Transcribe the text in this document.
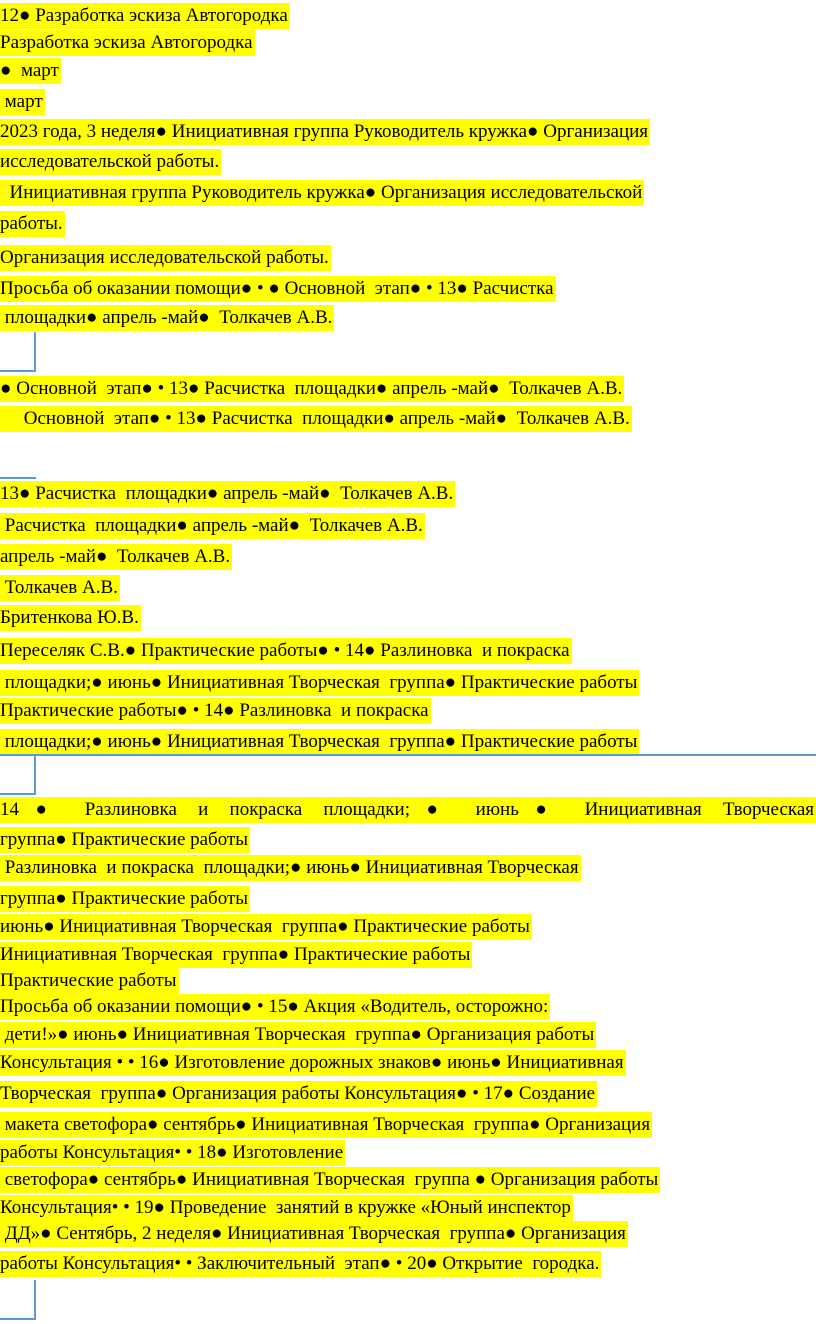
12● Разработка эскиза Автогородка
Разработка эскиза Автогородка
●  март
март
2023 года, 3 неделя● Инициативная группа Руководитель кружка● Организация
исследовательской работы.
Инициативная группа Руководитель кружка● Организация исследовательской
работы.
Организация исследовательской работы.
Просьба об оказании помощи● • ● Основной  этап● • 13● Расчистка
площадки● апрель -май●  Толкачев А.В.
● Основной  этап● • 13● Расчистка  площадки● апрель -май●  Толкачев А.В.
Основной  этап● • 13● Расчистка  площадки● апрель -май●  Толкачев А.В.
13● Расчистка  площадки● апрель -май●  Толкачев А.В.
Расчистка  площадки● апрель -май●  Толкачев А.В.
апрель -май●  Толкачев А.В.
Толкачев А.В.
Бритенкова Ю.В.
Переселяк С.В.● Практические работы● • 14● Разлиновка  и покраска
площадки;● июнь● Инициативная Творческая  группа● Практические работы
Практические работы● • 14● Разлиновка  и покраска
площадки;● июнь● Инициативная Творческая  группа● Практические работы
14● Разлиновка и покраска площадки;● июнь● Инициативная Творческая
группа● Практические работы
Разлиновка  и покраска  площадки;● июнь● Инициативная Творческая
группа● Практические работы
июнь● Инициативная Творческая  группа● Практические работы
Инициативная Творческая  группа● Практические работы
Практические работы
Просьба об оказании помощи● • 15● Акция «Водитель, осторожно:
дети!»● июнь● Инициативная Творческая  группа● Организация работы
Консультация • • 16● Изготовление дорожных знаков● июнь● Инициативная
Творческая  группа● Организация работы Консультация● • 17● Создание
макета светофора● сентябрь● Инициативная Творческая  группа● Организация
работы Консультация• • 18● Изготовление
светофора● сентябрь● Инициативная Творческая  группа ● Организация работы
Консультация• • 19● Проведение  занятий в кружке «Юный инспектор
ДД»● Сентябрь, 2 неделя● Инициативная Творческая  группа● Организация
работы Консультация• • Заключительный  этап● • 20● Открытие  городка.
